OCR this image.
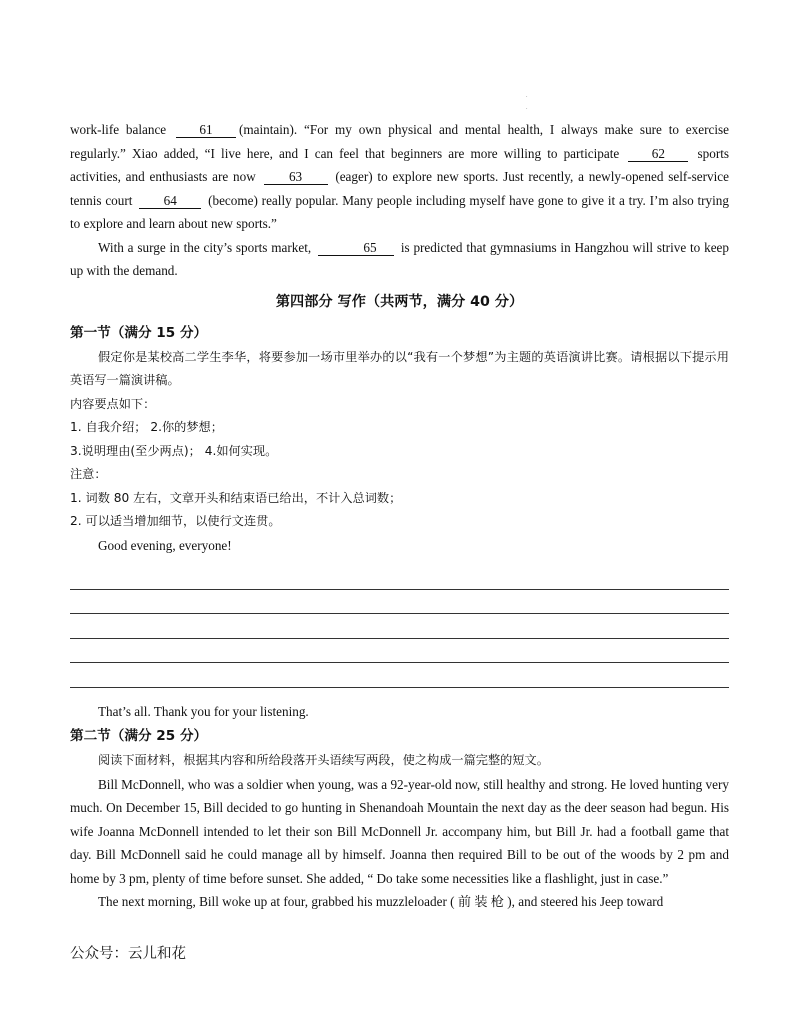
.
.

work-life balance	61 (maintain). “For my own physical and mental health, I always make sure to exercise regularly.” Xiao added, “I live here, and I can feel that beginners are more willing to participate 62 sports activities, and enthusiasts are now	63	(eager) to explore new sports. Just recently, a newly-opened self-service tennis court 64 (become) really popular. Many people including myself have gone to give it a try. I’m also trying to explore and learn about new sports.”

With a surge in the city’s sports market,	65 is predicted that gymnasiums in Hangzhou will strive to keep up with the demand.

第四部分 写作（共两节，满分 40 分）
第一节（满分 15 分）

假定你是某校高二学生李华，将要参加一场市里举办的以“我有一个梦想”为主题的英语演讲比赛。请根据以下提示用英语写一篇演讲稿。

内容要点如下：

1. 自我介绍； 2.你的梦想；

3.说明理由(至少两点)； 4.如何实现。

注意：

1. 词数 80 左右，文章开头和结束语已给出，不计入总词数；

2. 可以适当增加细节，以使行文连贯。

Good evening, everyone!

That’s all. Thank you for your listening.

第二节（满分 25 分）

阅读下面材料，根据其内容和所给段落开头语续写两段，使之构成一篇完整的短文。

Bill McDonnell, who was a soldier when young, was a 92-year-old now, still healthy and strong. He loved hunting very much. On December 15, Bill decided to go hunting in Shenandoah Mountain the next day as the deer season had begun. His wife Joanna McDonnell intended to let their son Bill McDonnell Jr. accompany him, but Bill Jr. had a football game that day. Bill McDonnell said he could manage all by himself. Joanna then required Bill to be out of the woods by 2 pm and home by 3 pm, plenty of time before sunset. She added, “ Do take some necessities like a flashlight, just in case.”

The next morning, Bill woke up at four, grabbed his muzzleloader ( 前 装 枪 ), and steered his Jeep toward

公众号：云儿和花
